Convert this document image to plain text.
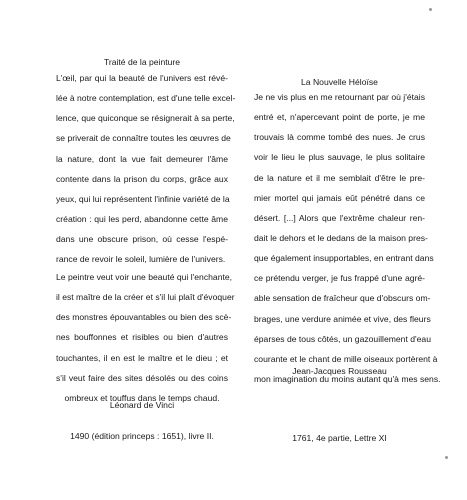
Traité de la peinture
L'œil, par qui la beauté de l'univers est révé-
lée à notre contemplation, est d'une telle excel-
lence, que quiconque se résignerait à sa perte,
se priverait de connaître toutes les œuvres de
la nature, dont la vue fait demeurer l'âme
contente dans la prison du corps, grâce aux
yeux, qui lui représentent l'infinie variété de la
création : qui les perd, abandonne cette âme
dans une obscure prison, où cesse l'espé-
rance de revoir le soleil, lumière de l'univers.
Le peintre veut voir une beauté qui l'enchante,
il est maître de la créer et s'il lui plaît d'évoquer
des monstres épouvantables ou bien des scè-
nes bouffonnes et risibles ou bien d'autres
touchantes, il en est le maître et le dieu ; et
s'il veut faire des sites désolés ou des coins
ombreux et touffus dans le temps chaud.
Léonard de Vinci
1490 (édition princeps : 1651), livre II.
La Nouvelle Héloïse
Je ne vis plus en me retournant par où j'étais
entré et, n'apercevant point de porte, je me
trouvais là comme tombé des nues. Je crus
voir le lieu le plus sauvage, le plus solitaire
de la nature et il me semblait d'être le pre-
mier mortel qui jamais eût pénétré dans ce
désert. [...] Alors que l'extrême chaleur ren-
dait le dehors et le dedans de la maison pres-
que également insupportables, en entrant dans
ce prétendu verger, je fus frappé d'une agré-
able sensation de fraîcheur que d'obscurs om-
brages, une verdure animée et vive, des fleurs
éparses de tous côtés, un gazouillement d'eau
courante et le chant de mille oiseaux portèrent à
mon imagination du moins autant qu'à mes sens.
Jean-Jacques Rousseau
1761, 4e partie, Lettre XI
